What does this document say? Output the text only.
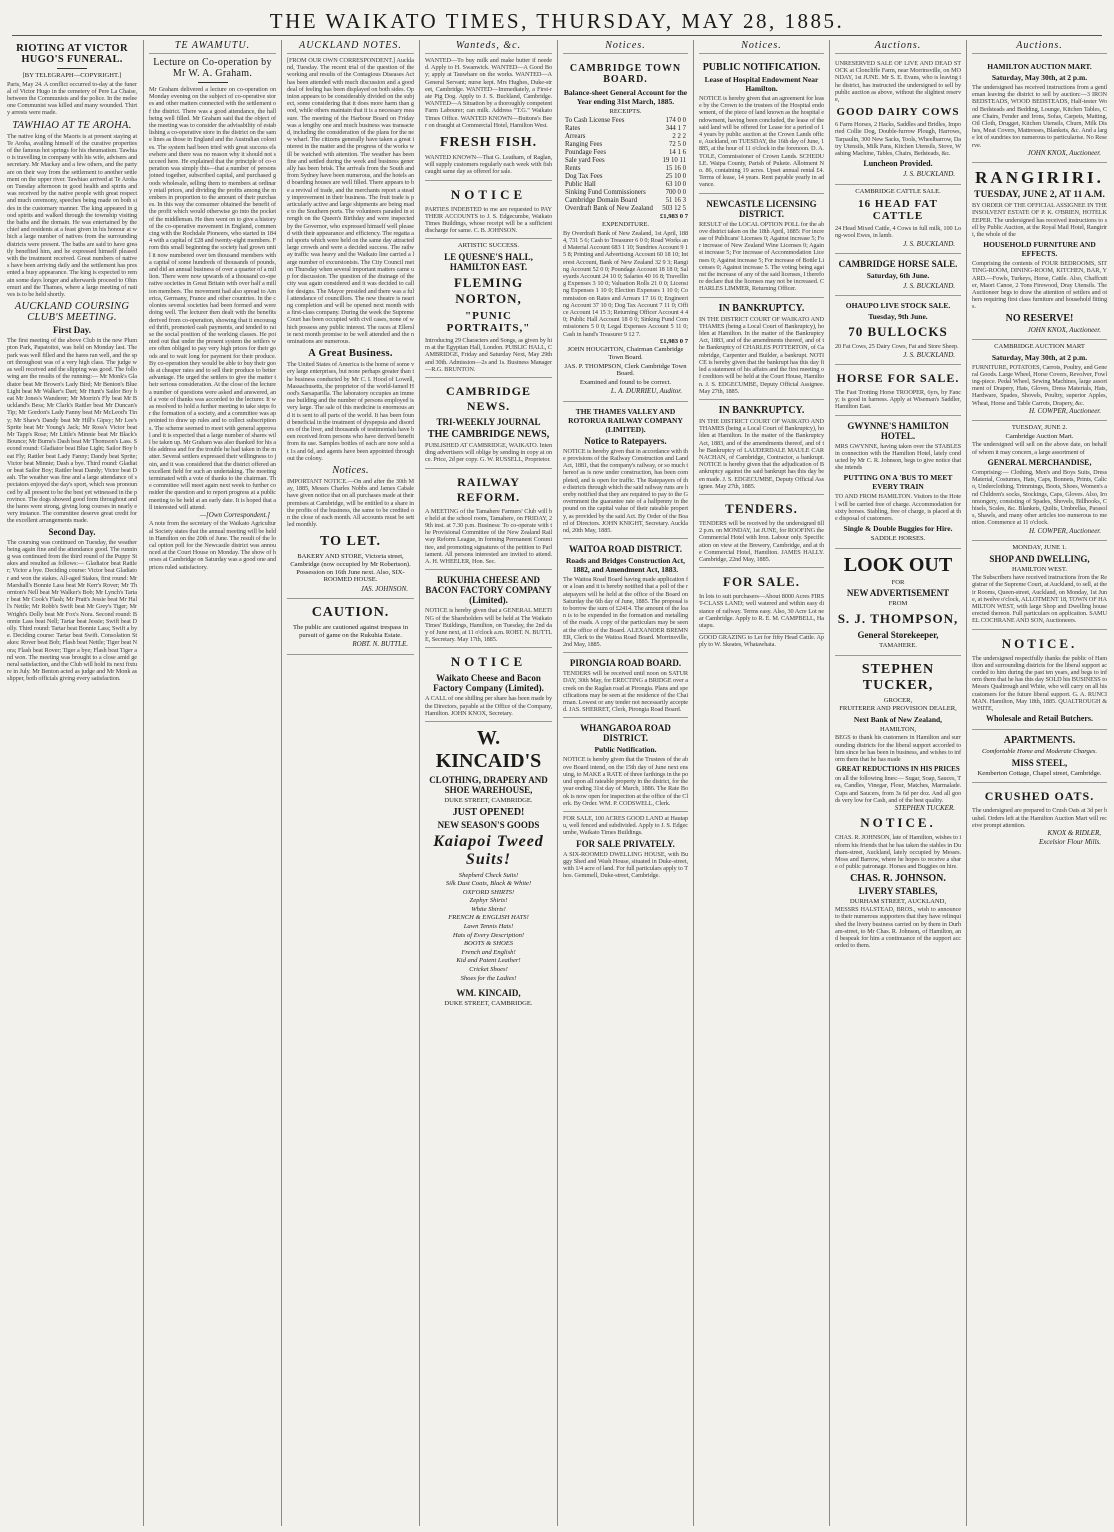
THE WAIKATO TIMES, THURSDAY, MAY 28, 1885.
RIOTING AT VICTOR HUGO'S FUNERAL.

[BY TELEGRAPH—COPYRIGHT.]

Paris, May 24. A conflict occurred to-day at the funeral of Victor Hugo in the cemetery of Pere La Chaise, between the Communists and the police. In the melee one Communist was killed and many wounded. Thirty arrests were made.
TAWHIAO AT TE AROHA.
The native king of the Maoris is at present staying at Te Aroha, availing himself of the curative properties of the famous hot springs for his rheumatism. Tawhiao is travelling in company with his wife, advisers and secretary. Mr Mackay and a few others, and the party are on their way from the settlement to another settlement on the upper river. Tawhiao arrived at Te Aroha on Tuesday afternoon in good health and spirits and was received by the native people with great respect and much ceremony, speeches being made on both sides in the customary manner. The king appeared in good spirits and walked through the township visiting the baths and the domain. He was entertained by the chief and residents at a feast given in his honour at which a large number of natives from the surrounding districts were present. The baths are said to have greatly benefited him, and he expressed himself pleased with the treatment received. Great numbers of natives have been arriving daily and the settlement has presented a busy appearance. The king is expected to remain some days longer and afterwards proceed to Ohinemuri and the Thames, where a large meeting of natives is to be held shortly.
AUCKLAND COURSING CLUB'S MEETING.
First Day.
The first meeting of the above Club in the new Plumpton Park, Papatoitoi, was held on Monday last. The park was well filled and the hares ran well, and the sport throughout was of a very high class. The judge was well received and the slipping was good. The following are the results of the running:— Mr Monk's Gladiator beat Mr Brown's Lady Bird; Mr Benton's Blue Light beat Mr Walker's Dart; Mr Hunt's Sailor Boy beat Mr Jones's Wanderer; Mr Morrin's Fly beat Mr Buckland's Bess; Mr Clark's Rattler beat Mr Duncan's Tip; Mr Gordon's Lady Fanny beat Mr McLeod's Tiny; Mr Shaw's Dandy beat Mr Hill's Gipsy; Mr Lee's Sprite beat Mr Young's Jack; Mr Ross's Victor beat Mr Tapp's Rose; Mr Little's Minnie beat Mr Black's Bounce; Mr Burns's Dash beat Mr Thomson's Lass. Second round: Gladiator beat Blue Light; Sailor Boy beat Fly; Rattler beat Lady Fanny; Dandy beat Sprite; Victor beat Minnie; Dash a bye. Third round: Gladiator beat Sailor Boy; Rattler beat Dandy; Victor beat Dash. The weather was fine and a large attendance of spectators enjoyed the day's sport, which was pronounced by all present to be the best yet witnessed in the province. The dogs showed good form throughout and the hares were strong, giving long courses in nearly every instance. The committee deserve great credit for the excellent arrangements made.
Second Day.
The coursing was continued on Tuesday, the weather being again fine and the attendance good. The running was continued from the third round of the Puppy Stakes and resulted as follows:— Gladiator beat Rattler; Victor a bye. Deciding course: Victor beat Gladiator and won the stakes. All-aged Stakes, first round: Mr Marshall's Bonnie Lass beat Mr Kerr's Rover; Mr Thornton's Nell beat Mr Walker's Bob; Mr Lynch's Tartar beat Mr Cook's Flash; Mr Pratt's Jessie beat Mr Hall's Nettle; Mr Robb's Swift beat Mr Grey's Tiger; Mr Wright's Dolly beat Mr Fox's Nora. Second round: Bonnie Lass beat Nell; Tartar beat Jessie; Swift beat Dolly. Third round: Tartar beat Bonnie Lass; Swift a bye. Deciding course: Tartar beat Swift. Consolation Stakes: Rover beat Bob; Flash beat Nettle; Tiger beat Nora; Flash beat Rover; Tiger a bye; Flash beat Tiger and won. The meeting was brought to a close amid general satisfaction, and the Club will hold its next fixture in July. Mr Benton acted as judge and Mr Monk as slipper, both officials giving every satisfaction.
TE AWAMUTU.
Lecture on Co-operation by Mr W. A. Graham.
Mr Graham delivered a lecture on co-operation on Monday evening on the subject of co-operative stores and other matters connected with the settlement of the district. There was a good attendance, the hall being well filled. Mr Graham said that the object of the meeting was to consider the advisability of establishing a co-operative store in the district on the same lines as those in England and the Australian colonies. The system had been tried with great success elsewhere and there was no reason why it should not succeed here. He explained that the principle of co-operation was simply this—that a number of persons joined together, subscribed capital, and purchased goods wholesale, selling them to members at ordinary retail prices, and dividing the profits among the members in proportion to the amount of their purchases. In this way the consumer obtained the benefit of the profit which would otherwise go into the pocket of the middleman. He then went on to give a history of the co-operative movement in England, commencing with the Rochdale Pioneers, who started in 1844 with a capital of £28 and twenty-eight members. From this small beginning the society had grown until it now numbered over ten thousand members with a capital of some hundreds of thousands of pounds, and did an annual business of over a quarter of a million. There were now upwards of a thousand co-operative societies in Great Britain with over half a million members. The movement had also spread to America, Germany, France and other countries. In the colonies several societies had been formed and were doing well. The lecturer then dealt with the benefits derived from co-operation, showing that it encouraged thrift, promoted cash payments, and tended to raise the social position of the working classes. He pointed out that under the present system the settlers were often obliged to pay very high prices for their goods and to wait long for payment for their produce. By co-operation they would be able to buy their goods at cheaper rates and to sell their produce to better advantage. He urged the settlers to give the matter their serious consideration. At the close of the lecture a number of questions were asked and answered, and a vote of thanks was accorded to the lecturer. It was resolved to hold a further meeting to take steps for the formation of a society, and a committee was appointed to draw up rules and to collect subscriptions. The scheme seemed to meet with general approval and it is expected that a large number of shares will be taken up. Mr Graham was also thanked for his able address and for the trouble he had taken in the matter. Several settlers expressed their willingness to join, and it was considered that the district offered an excellent field for such an undertaking. The meeting terminated with a vote of thanks to the chairman. The committee will meet again next week to further consider the question and to report progress at a public meeting to be held at an early date. It is hoped that all interested will attend.

—[Own Correspondent.]

A note from the secretary of the Waikato Agricultural Society states that the annual meeting will be held in Hamilton on the 20th of June. The result of the local option poll for the Newcastle district was announced at the Court House on Monday. The show of horses at Cambridge on Saturday was a good one and prices ruled satisfactory.
AUCKLAND NOTES.
[FROM OUR OWN CORRESPONDENT.] Auckland, Tuesday. The recent trial of the question of the working and results of the Contagious Diseases Act has been attended with much discussion and a good deal of feeling has been displayed on both sides. Opinion appears to be considerably divided on the subject, some considering that it does more harm than good, while others maintain that it is a necessary measure. The meeting of the Harbour Board on Friday was a lengthy one and much business was transacted, including the consideration of the plans for the new wharf. The citizens generally have taken a great interest in the matter and the progress of the works will be watched with attention. The weather has been fine and settled during the week and business generally has been brisk. The arrivals from the South and from Sydney have been numerous, and the hotels and boarding houses are well filled. There appears to be a revival of trade, and the merchants report a steady improvement in their business. The fruit trade is particularly active and large shipments are being made to the Southern ports. The volunteers paraded in strength on the Queen's Birthday and were inspected by the Governor, who expressed himself well pleased with their appearance and efficiency. The regatta and sports which were held on the same day attracted large crowds and were a decided success. The railway traffic was heavy and the Waikato line carried a large number of excursionists. The City Council met on Thursday when several important matters came up for discussion. The question of the drainage of the city was again considered and it was decided to call for designs. The Mayor presided and there was a full attendance of councillors. The new theatre is nearing completion and will be opened next month with a first-class company. During the week the Supreme Court has been occupied with civil cases, none of which possess any public interest. The races at Ellerslie next month promise to be well attended and the nominations are numerous.
A Great Business.
The United States of America is the home of some very large enterprises, but none perhaps greater than the business conducted by Mr C. I. Hood of Lowell, Massachusetts, the proprietor of the world-famed Hood's Sarsaparilla. The laboratory occupies an immense building and the number of persons employed is very large. The sale of this medicine is enormous and it is sent to all parts of the world. It has been found beneficial in the treatment of dyspepsia and disorders of the liver, and thousands of testimonials have been received from persons who have derived benefit from its use. Samples bottles of each are now sold at 1s and 6d, and agents have been appointed throughout the colony.
Notices.
IMPORTANT NOTICE.—On and after the 30th May, 1885, Messrs Charles Nobbs and James Cabale have given notice that on all purchases made at their premises at Cambridge, will be entitled to a share in the profits of the business, the same to be credited on the close of each month. All accounts must be settled monthly.
TO LET.

BAKERY AND STORE, Victoria street, Cambridge (now occupied by Mr Robertson). Possession on 16th June next. Also, SIX-ROOMED HOUSE.

JAS. JOHNSON.

CAUTION.

The public are cautioned against trespass in pursuit of game on the Rukuhia Estate.

ROBT. N. BUTTLE.

Wanteds, &c.
WANTED—To buy milk and make butter if needed. Apply to H. Swanwick. WANTED—A Good Boy; apply at Tauwhare on the works. WANTED—A General Servant; nurse kept. Mrs Hughes, Duke-street, Cambridge. WANTED—Immediately, a First-rate Pig Dog. Apply to J. S. Buckland, Cambridge. WANTED—A Situation by a thoroughly competent Farm Labourer; can milk. Address "T.G." Waikato Times Office. WANTED KNOWN—Buttons's Beer on draught at Commercial Hotel, Hamilton West.
FRESH FISH.
WANTED KNOWN—That G. Leatham, of Raglan, will supply customers regularly each week with fish caught same day as offered for sale.
NOTICE
PARTIES INDEBTED to me are requested to PAY THEIR ACCOUNTS to J. S. Edgecumbe, Waikato Times Buildings, whose receipt will be a sufficient discharge for same. C. B. JOHNSON.

ARTISTIC SUCCESS.

LE QUESNE'S HALL, HAMILTON EAST.
FLEMING NORTON,
"PUNIC PORTRAITS,"
Introducing 29 Characters and Songs, as given by him at the Egyptian Hall, London. PUBLIC HALL, CAMBRIDGE, Friday and Saturday Next, May 29th and 30th. Admission—2s and 1s. Business Manager—R.G. BRUNTON.
CAMBRIDGE NEWS.
TRI-WEEKLY JOURNAL
THE CAMBRIDGE NEWS,
PUBLISHED AT CAMBRIDGE, WAIKATO. Intending advertisers will oblige by sending in copy at once. Price, 2d per copy. G. W. RUSSELL, Proprietor.
RAILWAY REFORM.
A MEETING of the Tamahere Farmers' Club will be held at the school room, Tamahere, on FRIDAY, 29th inst. at 7.30 p.m. Business: To co-operate with the Provisional Committee of the New Zealand Railway Reform League, in forming Permanent Committee, and promoting signatures of the petition to Parliament. All persons interested are invited to attend. A. H. WHEELER, Hon. Sec.
RUKUHIA CHEESE AND BACON FACTORY COMPANY (Limited).
NOTICE is hereby given that a GENERAL MEETING of the Shareholders will be held at The Waikato Times' Buildings, Hamilton, on Tuesday, the 2nd day of June next, at 11 o'clock a.m. ROBT. N. BUTTLE, Secretary. May 17th, 1885.
NOTICE
Waikato Cheese and Bacon Factory Company (Limited).
A CALL of one shilling per share has been made by the Directors, payable at the Office of the Company, Hamilton. JOHN KNOX, Secretary.
W. KINCAID'S
CLOTHING, DRAPERY AND SHOE WAREHOUSE,

DUKE STREET, CAMBRIDGE.

JUST OPENED!
NEW SEASON'S GOODS
Kaiapoi Tweed Suits!

Shepherd Check Suits!

Silk Dust Coats, Black & White!

OXFORD SHIRTS!

Zephyr Shirts!

White Shirts!

FRENCH & ENGLISH HATS!

Lawn Tennis Hats!

Hats of Every Description!

BOOTS & SHOES

French and English!

Kid and Patent Leather!

Cricket Shoes!

Shoes for the Ladies!

WM. KINCAID,

DUKE STREET, CAMBRIDGE.

Notices.
CAMBRIDGE TOWN BOARD.
Balance-sheet General Account for the Year ending 31st March, 1885.

RECEIPTS.

To Cash License Fees	174 0 0
Rates	344 1 7
Arrears	2 2 2
Ranging Fees	72 5 0
Poundage Fees	14 1 6
Sale yard Fees	19 10 11
Rents	15 16 0
Dog Tax Fees	25 10 0
Public Hall	63 10 0
Sinking Fund Commissioners	700 0 0
Cambridge Domain Board	51 16 3
Overdraft Bank of New Zealand	503 12 5

£1,983 0 7

EXPENDITURE.

By Overdraft Bank of New Zealand, 1st April, 1884, 731 5 6; Cash to Treasurer 6 0 0; Road Works and Material Account 683 1 10; Sundries Account 9 15 8; Printing and Advertising Account 60 18 10; Interest Account, Bank of New Zealand 32 9 3; Ranging Account 52 0 0; Poundage Account 18 18 0; Saleyards Account 24 10 0; Salaries 40 16 8; Travelling Expenses 3 10 0; Valuation Rolls 21 0 0; Licensing Expenses 1 10 0; Election Expenses 1 10 0; Commission on Rates and Arrears 17 16 0; Engineering Account 37 10 0; Dog Tax Account 7 11 0; Office Account 14 15 3; Returning Officer Account 4 4 0; Public Hall Account 18 0 0; Sinking Fund Commissioners 5 0 0; Legal Expenses Account 5 11 0; Cash in hand's Treasurer 9 12 7.

£1,983 0 7

JOHN HOUGHTON, Chairman Cambridge Town Board.

JAS. P. THOMPSON, Clerk Cambridge Town Board.

Examined and found to be correct.

L. A. DURRIEU, Auditor.

THE THAMES VALLEY AND ROTORUA RAILWAY COMPANY (LIMITED).
Notice to Ratepayers.
NOTICE is hereby given that in accordance with the provisions of the Railway Construction and Land Act, 1881, that the company's railway, or so much thereof as is now under construction, has been completed, and is open for traffic. The Ratepayers of the districts through which the said railway runs are hereby notified that they are required to pay to the Government the guarantee rate of a halfpenny in the pound on the capital value of their rateable property, as provided by the said Act. By Order of the Board of Directors. JOHN KNIGHT, Secretary. Auckland, 20th May, 1885.
WAITOA ROAD DISTRICT.
Roads and Bridges Construction Act, 1882, and Amendment Act, 1883.
The Waitoa Road Board having made application for a loan and it is hereby notified that a poll of the ratepayers will be held at the office of the Board on Saturday the 6th day of June, 1885. The proposal is to borrow the sum of £2414. The amount of the loan is to be expended in the formation and metalling of the roads. A copy of the particulars may be seen at the office of the Board. ALEXANDER BREMNER, Clerk to the Waitoa Road Board. Morrinsville, 2nd May, 1885.
PIRONGIA ROAD BOARD.
TENDERS will be received until noon on SATURDAY, 30th May, for ERECTING a BRIDGE over a creek on the Raglan road at Pirongia. Plans and specifications may be seen at the residence of the Chairman. Lowest or any tender not necessarily accepted. JAS. SHERRET, Clerk, Pirongia Road Board.
WHANGAROA ROAD DISTRICT.
Public Notification.
NOTICE is hereby given that the Trustees of the above Board intend, on the 15th day of June next ensuing, to MAKE a RATE of three farthings in the pound upon all rateable property in the district, for the year ending 31st day of March, 1886. The Rate Book is now open for inspection at the office of the Clerk. By Order. WM. P. CODSWELL, Clerk.
FOR SALE, 100 ACRES GOOD LAND at Hautapu, well fenced and subdivided. Apply to J. S. Edgecumbe, Waikato Times Buildings.
FOR SALE PRIVATELY.
A SIX-ROOMED DWELLING HOUSE, with Buggy Shed and Wash House, situated in Duke-street, with 1/4 acre of land. For full particulars apply to Thos. Gemmell, Duke-street, Cambridge.
Notices.
PUBLIC NOTIFICATION.
Lease of Hospital Endowment Near Hamilton.
NOTICE is hereby given that an agreement for lease by the Crown to the trustees of the Hospital endowment, of the piece of land known as the hospital endowment, having been concluded, the lease of the said land will be offered for Lease for a period of 14 years by public auction at the Crown Lands office, Auckland, on TUESDAY, the 16th day of June, 1885, at the hour of 11 o'clock in the forenoon. D. A. TOLE, Commissioner of Crown Lands. SCHEDULE. Waipa County, Parish of Pukete. Allotment No. 86, containing 19 acres. Upset annual rental £4. Terms of lease, 14 years. Rent payable yearly in advance.
NEWCASTLE LICENSING DISTRICT.
RESULT of the LOCAL OPTION POLL for the above district taken on the 18th April, 1885: For increase of Publicans' Licenses 0; Against increase 5; For increase of New Zealand Wine Licenses 0; Against increase 5; For increase of Accommodation Licenses 0; Against increase 5; For increase of Bottle Licenses 0; Against increase 5. The voting being against the increase of any of the said licenses, I therefore declare that the licenses may not be increased. CHARLES LIMMER, Returning Officer.
IN BANKRUPTCY.
IN THE DISTRICT COURT OF WAIKATO AND THAMES (being a Local Court of Bankruptcy), holden at Hamilton. In the matter of the Bankruptcy Act, 1883, and of the amendments thereof, and of the Bankruptcy of CHARLES POTTERTON, of Cambridge, Carpenter and Builder, a bankrupt. NOTICE is hereby given that the bankrupt has this day filed a statement of his affairs and the first meeting of creditors will be held at the Court House, Hamilton. J. S. EDGECUMBE, Deputy Official Assignee. May 27th, 1885.
IN BANKRUPTCY.
IN THE DISTRICT COURT OF WAIKATO AND THAMES (being a Local Court of Bankruptcy), holden at Hamilton. In the matter of the Bankruptcy Act, 1883, and of the amendments thereof, and of the Bankruptcy of LAUDERDALE MAULE CARNACHAN, of Cambridge, Contractor, a bankrupt. NOTICE is hereby given that the adjudication of Bankruptcy against the said bankrupt has this day been made. J. S. EDGECUMBE, Deputy Official Assignee. May 27th, 1885.
TENDERS.
TENDERS will be received by the undersigned till 2 p.m. on MONDAY, 1st JUNE, for ROOFING the Commercial Hotel with Iron. Labour only. Specification on view at the Brewery, Cambridge, and at the Commercial Hotel, Hamilton. JAMES HALLY. Cambridge, 22nd May, 1885.
FOR SALE.
In lots to suit purchasers—About 8000 Acres FIRST-CLASS LAND; well watered and within easy distance of railway. Terms easy. Also, 30 Acre Lot near Cambridge. Apply to R. E. M. CAMPBELL, Hautapu.
GOOD GRAZING to Let for fifty Head Cattle. Apply to W. Skeates, Whatawhata.
Auctions.
UNRESERVED SALE OF LIVE AND DEAD STOCK at Cloncliffe Farm, near Morrinsville, on MONDAY, 1st JUNE. Mr S. E. Evans, who is leaving the district, has instructed the undersigned to sell by public auction as above, without the slightest reserve,
GOOD DAIRY COWS
6 Farm Horses, 2 Hacks, Saddles and Bridles, Imported Collie Dog, Double-furrow Plough, Harrows, Tarpaulin, 300 New Sacks, Tools, Wheelbarrow, Dairy Utensils, Milk Pans, Kitchen Utensils, Stove, Washing Machine, Tables, Chairs, Bedsteads, &c.
Luncheon Provided.

J. S. BUCKLAND.

CAMBRIDGE CATTLE SALE.

16 HEAD FAT CATTLE
24 Head Mixed Cattle, 4 Cows in full milk, 100 Long-wool Ewes, in lamb.

J. S. BUCKLAND.

CAMBRIDGE HORSE SALE.
Saturday, 6th June.

J. S. BUCKLAND.

OHAUPO LIVE STOCK SALE.
Tuesday, 9th June.
70 BULLOCKS
20 Fat Cows, 25 Dairy Cows, Fat and Store Sheep.

J. S. BUCKLAND.

HORSE FOR SALE.
The Fast Trotting Horse TROOPER, 6yrs, by Fancy; is good in harness. Apply at Wiseman's Saddler, Hamilton East.
GWYNNE'S HAMILTON HOTEL.
MRS GWYNNE, having taken over the STABLES in connection with the Hamilton Hotel, lately conducted by Mr C. R. Johnson, begs to give notice that she intends
PUTTING ON A 'BUS TO MEET EVERY TRAIN
TO AND FROM HAMILTON. Visitors to the Hotel will be carried free of charge. Accommodation for sixty horses. Stabling, free of charge, is placed at the disposal of customers.
Single & Double Buggies for Hire.

SADDLE HORSES.

LOOK OUT

FOR

NEW ADVERTISEMENT

FROM

S. J. THOMPSON,
General Storekeeper,

TAMAHERE.

STEPHEN TUCKER,

GROCER,

FRUITERER AND PROVISION DEALER,

Next Bank of New Zealand,

HAMILTON,

BEGS to thank his customers in Hamilton and surrounding districts for the liberal support accorded to him since he has been in business, and wishes to inform them that he has made
GREAT REDUCTIONS IN HIS PRICES
on all the following lines:— Sugar, Soap, Sauces, Tea, Candles, Vinegar, Flour, Matches, Marmalade. Cups and Saucers, from 3s 6d per doz. And all goods very low for Cash, and of the best quality.

STEPHEN TUCKER.

NOTICE.
CHAS. R. JOHNSON, late of Hamilton, wishes to inform his friends that he has taken the stables in Durham-street, Auckland, lately occupied by Messrs. Moss and Barrow, where he hopes to receive a share of public patronage. Horses and Buggies on hire.
CHAS. R. JOHNSON.
LIVERY STABLES,

DURHAM STREET, AUCKLAND,

MESSRS HALSTEAD, BROS., wish to announce to their numerous supporters that they have relinquished the livery business carried on by them in Durham-street, to Mr Chas. R. Johnson, of Hamilton, and bespeak for him a continuance of the support accorded to them.
Auctions.
HAMILTON AUCTION MART.
Saturday, May 30th, at 2 p.m.
The undersigned has received instructions from a gentleman leaving the district to sell by auction:—3 IRON BEDSTEADS, WOOD BEDSTEADS, Half-tester Wood Bedsteads and Bedding, Lounge, Kitchen Tables, Cane Chairs, Fender and Irons, Sofas, Carpets, Matting, Oil Cloth, Drugget, Kitchen Utensils, Churn, Milk Dishes, Meat Covers, Mattresses, Blankets, &c. And a large lot of sundries too numerous to particularise. No Reserve.

JOHN KNOX, Auctioneer.

RANGIRIRI.
TUESDAY, JUNE 2, AT 11 A.M.
BY ORDER OF THE OFFICIAL ASSIGNEE IN THE INSOLVENT ESTATE OF P. K. O'BRIEN, HOTELKEEPER. The undersigned has received instructions to sell by Public Auction, at the Royal Mail Hotel, Rangiriri, the whole of the
HOUSEHOLD FURNITURE AND EFFECTS.
Comprising the contents of FOUR BEDROOMS, SITTING-ROOM, DINING-ROOM, KITCHEN, BAR, YARD.—Fowls, Turkeys, Horse, Cattle. Also, Chaffcutter, Maori Canoe, 2 Tons Firewood, Dray Utensils. The Auctioneer begs to draw the attention of settlers and others requiring first class furniture and household fittings.
NO RESERVE!

JOHN KNOX, Auctioneer.

CAMBRIDGE AUCTION MART

Saturday, May 30th, at 2 p.m.
FURNITURE, POTATOES, Carrots, Poultry, and General Goods. Large Wheel, Horse Covers, Revolver, Fowling-piece. Pedal Wheel, Sewing Machines, large assortment of Drapery, Hats, Gloves, Dress Materials, Hats, Hardware, Spades, Shovels, Poultry, superior Apples, Wheat, Horse and Table Carrots, Drapery, &c.

H. COWPER, Auctioneer.

TUESDAY, JUNE 2.

Cambridge Auction Mart.

The undersigned will sell on the above date, on behalf of whom it may concern, a large assortment of
GENERAL MERCHANDISE,
Comprising:— Clothing, Men's and Boys Suits, Dress Material, Costumes, Hats, Caps, Bonnets, Prints, Calico, Underclothing, Trimmings, Boots, Shoes, Women's and Children's socks, Stockings, Caps, Gloves. Also, Ironmongery, consisting of Spades, Shovels, Billhooks, Chisels, Scales, &c. Blankets, Quilts, Umbrellas, Parasols, Shawls, and many other articles too numerous to mention. Commence at 11 o'clock.

H. COWPER, Auctioneer.

MONDAY, JUNE 1.

SHOP AND DWELLING,

HAMILTON WEST.

The Subscribers have received instructions from the Registrar of the Supreme Court, at Auckland, to sell, at their Rooms, Queen-street, Auckland, on Monday, 1st June, at twelve o'clock, ALLOTMENT 18, TOWN OF HAMILTON WEST, with large Shop and Dwelling house erected thereon. Full particulars on application. SAMUEL COCHRANE AND SON, Auctioneers.
NOTICE.
The undersigned respectfully thanks the public of Hamilton and surrounding districts for the liberal support accorded to him during the past ten years, and begs to inform them that he has this day SOLD his BUSINESS to Messrs Qualtrough and White, who will carry on all his customers for the future liberal support. G. A. RUNCIMAN. Hamilton, May 18th, 1885. QUALTROUGH & WHITE,
Wholesale and Retail Butchers.
APARTMENTS.

Comfortable Home and Moderate Charges.

MISS STEEL,

Kemberton Cottage, Chapel street, Cambridge.

CRUSHED OATS.
The undersigned are prepared to Crush Oats at 3d per bushel. Orders left at the Hamilton Auction Mart will receive prompt attention.

KNOX & RIDLER,

Excelsior Flour Mills.
